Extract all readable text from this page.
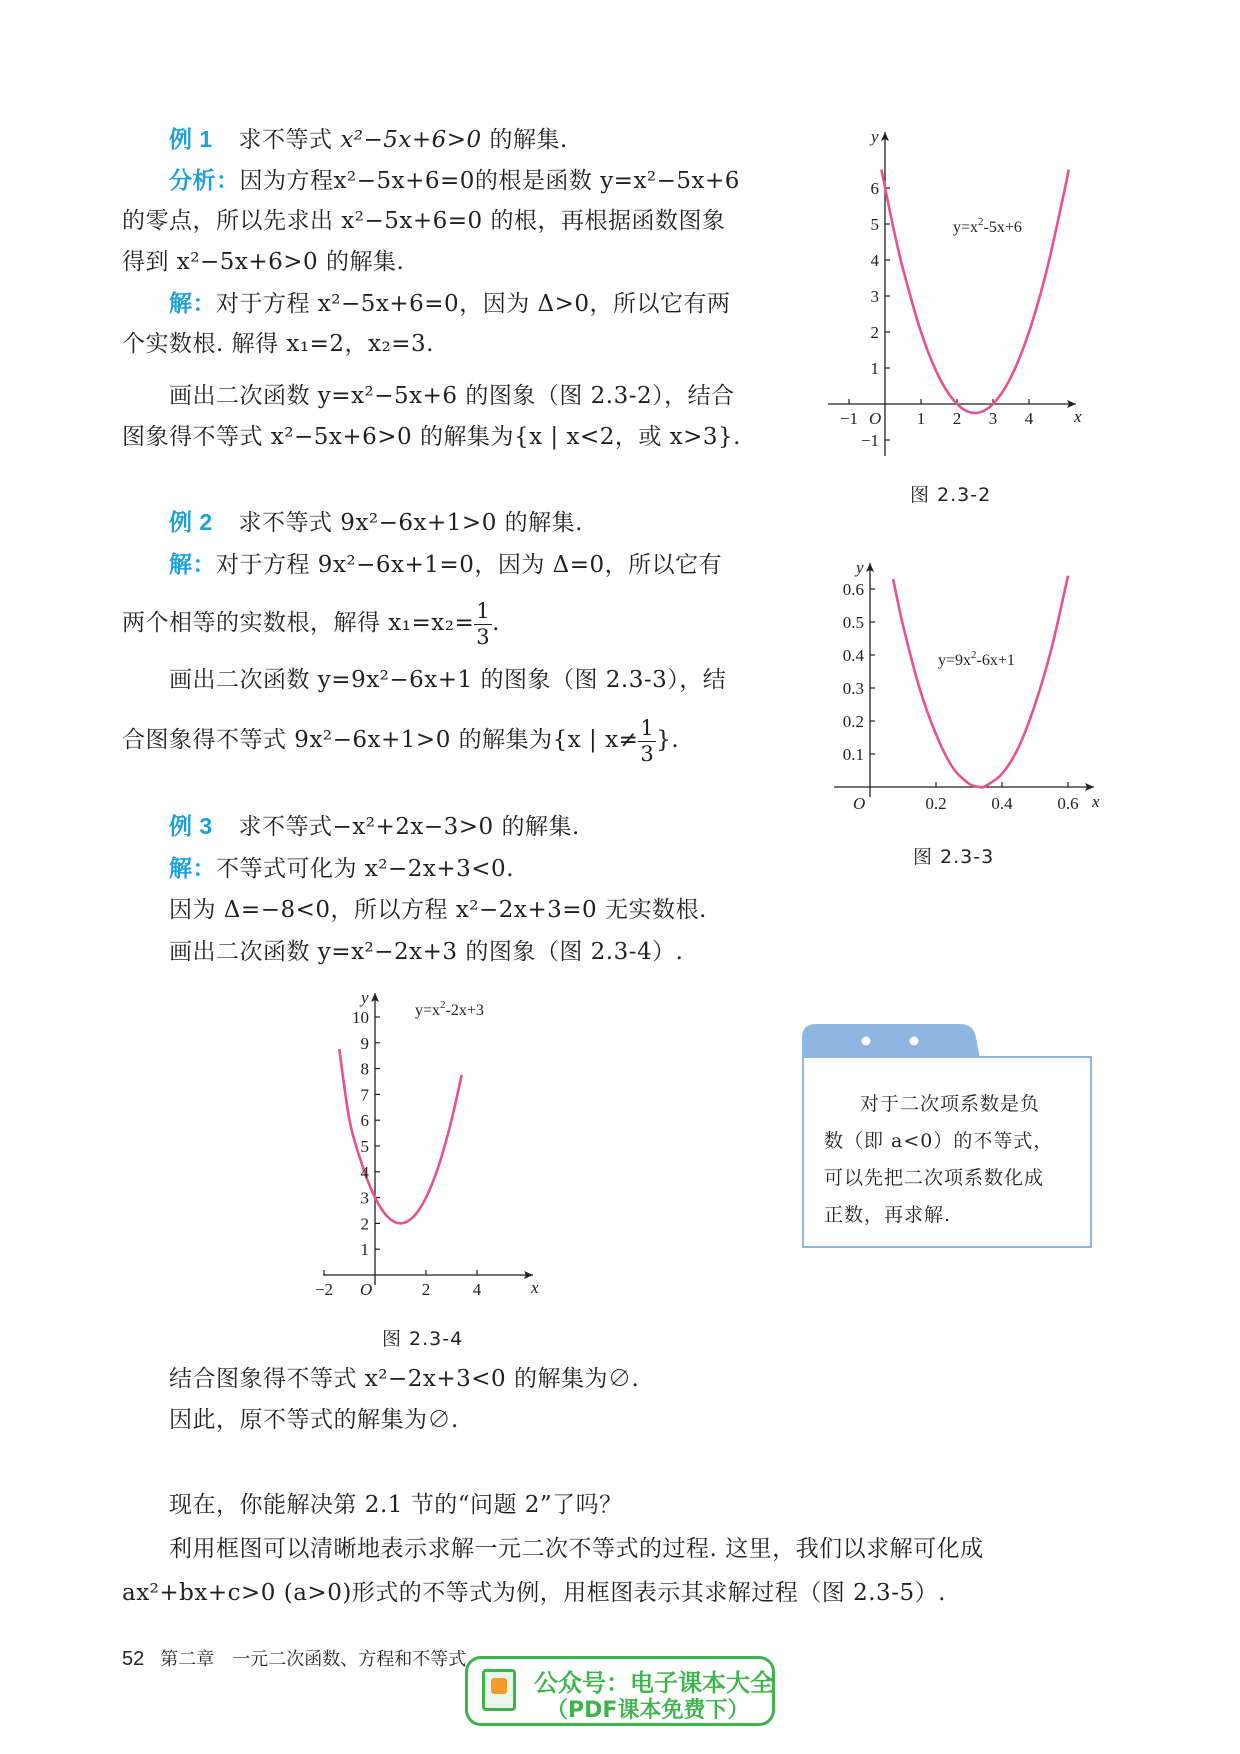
例 1 求不等式 x²−5x+6>0 的解集.
分析：因为方程x²−5x+6=0的根是函数 y=x²−5x+6
的零点，所以先求出 x²−5x+6=0 的根，再根据函数图象
得到 x²−5x+6>0 的解集.
解：对于方程 x²−5x+6=0，因为 Δ>0，所以它有两
个实数根. 解得 x₁=2，x₂=3.
画出二次函数 y=x²−5x+6 的图象（图 2.3-2），结合
图象得不等式 x²−5x+6>0 的解集为{x | x<2，或 x>3}.
例 2 求不等式 9x²−6x+1>0 的解集.
解：对于方程 9x²−6x+1=0，因为 Δ=0，所以它有
两个相等的实数根，解得 $x_1=x_2= \frac{1}{3}$ .
画出二次函数 y=9x²−6x+1 的图象（图 2.3-3），结
合图象得不等式 9x²−6x+1>0 的解集为{x | $x\ne \frac{1}{3}$ }.
例 3 求不等式−x²+2x−3>0 的解集.
解：不等式可化为 x²−2x+3<0.
因为 Δ=−8<0，所以方程 x²−2x+3=0 无实数根.
画出二次函数 y=x²−2x+3 的图象（图 2.3-4）.
结合图象得不等式 x²−2x+3<0 的解集为∅.
因此，原不等式的解集为∅.
现在，你能解决第 2.1 节的“问题 2”了吗？
利用框图可以清晰地表示求解一元二次不等式的过程. 这里，我们以求解可化成
ax²+bx+c>0 (a>0)形式的不等式为例，用框图表示其求解过程（图 2.3-5）.
−1	1 2 3 4
−1
1
2
3
4
5
6
x
y
O
$y=x^2-5x+6$
图 2.3-2
0.2	0.4	0.6
0.1
0.2
0.3
0.4
0.5
0.6
x
y
O
$y=9x^2-6x+1$
图 2.3-3
−2	2	4
1
2
3
4
5
6
7
8
9
10
x
y
O
$y=x^2-2x+3$
图 2.3-4
对于二次项系数是负
数（即 a<0）的不等式，
可以先把二次项系数化成
正数，再求解.
52 第二章　一元二次函数、方程和不等式
公众号：电子课本大全
（PDF课本免费下）
